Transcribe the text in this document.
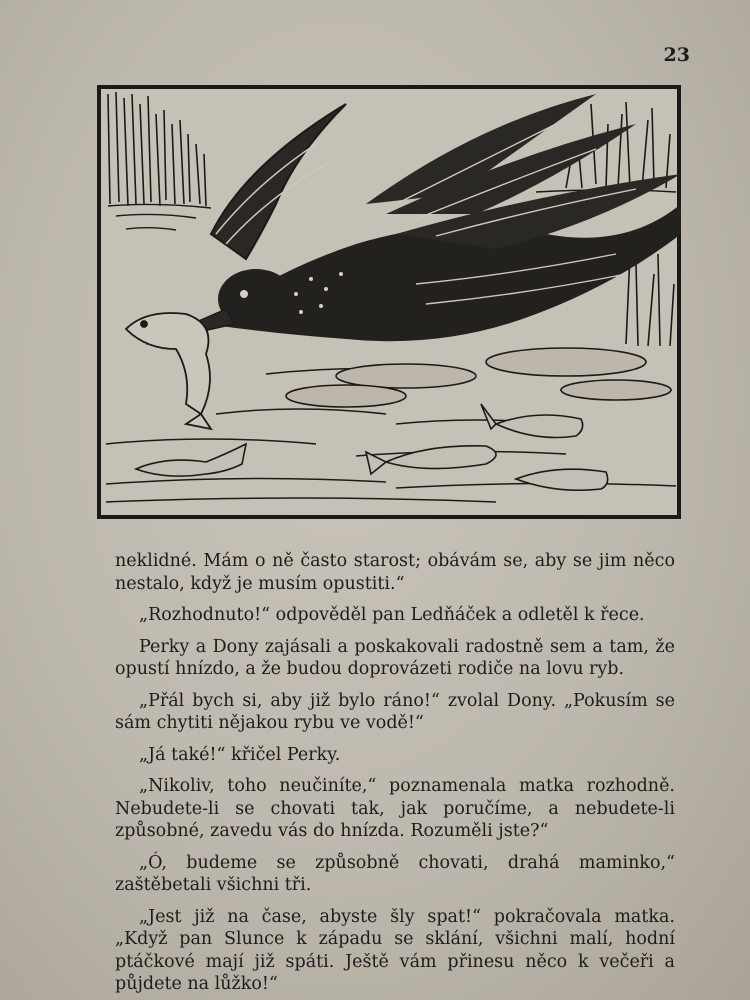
23

neklidné. Mám o ně často starost; obávám se, aby se jim něco nestalo, když je musím opustiti.“

„Rozhodnuto!“ odpověděl pan Ledňáček a odletěl k řece.

Perky a Dony zajásali a poskakovali radostně sem a tam, že opustí hnízdo, a že budou doprovázeti rodiče na lovu ryb.

„Přál bych si, aby již bylo ráno!“ zvolal Dony. „Pokusím se sám chytiti nějakou rybu ve vodě!“

„Já také!“ křičel Perky.

„Nikoliv, toho neučiníte,“ poznamenala matka rozhodně. Nebudete-li se chovati tak, jak poručíme, a nebudete-li způsobné, zavedu vás do hnízda. Rozuměli jste?“

„Ó, budeme se způsobně chovati, drahá maminko,“ zaštěbetali všichni tři.

„Jest již na čase, abyste šly spat!“ pokračovala matka. „Když pan Slunce k západu se sklání, všichni malí, hodní ptáčkové mají již spáti. Ještě vám přinesu něco k večeři a půjdete na lůžko!“
